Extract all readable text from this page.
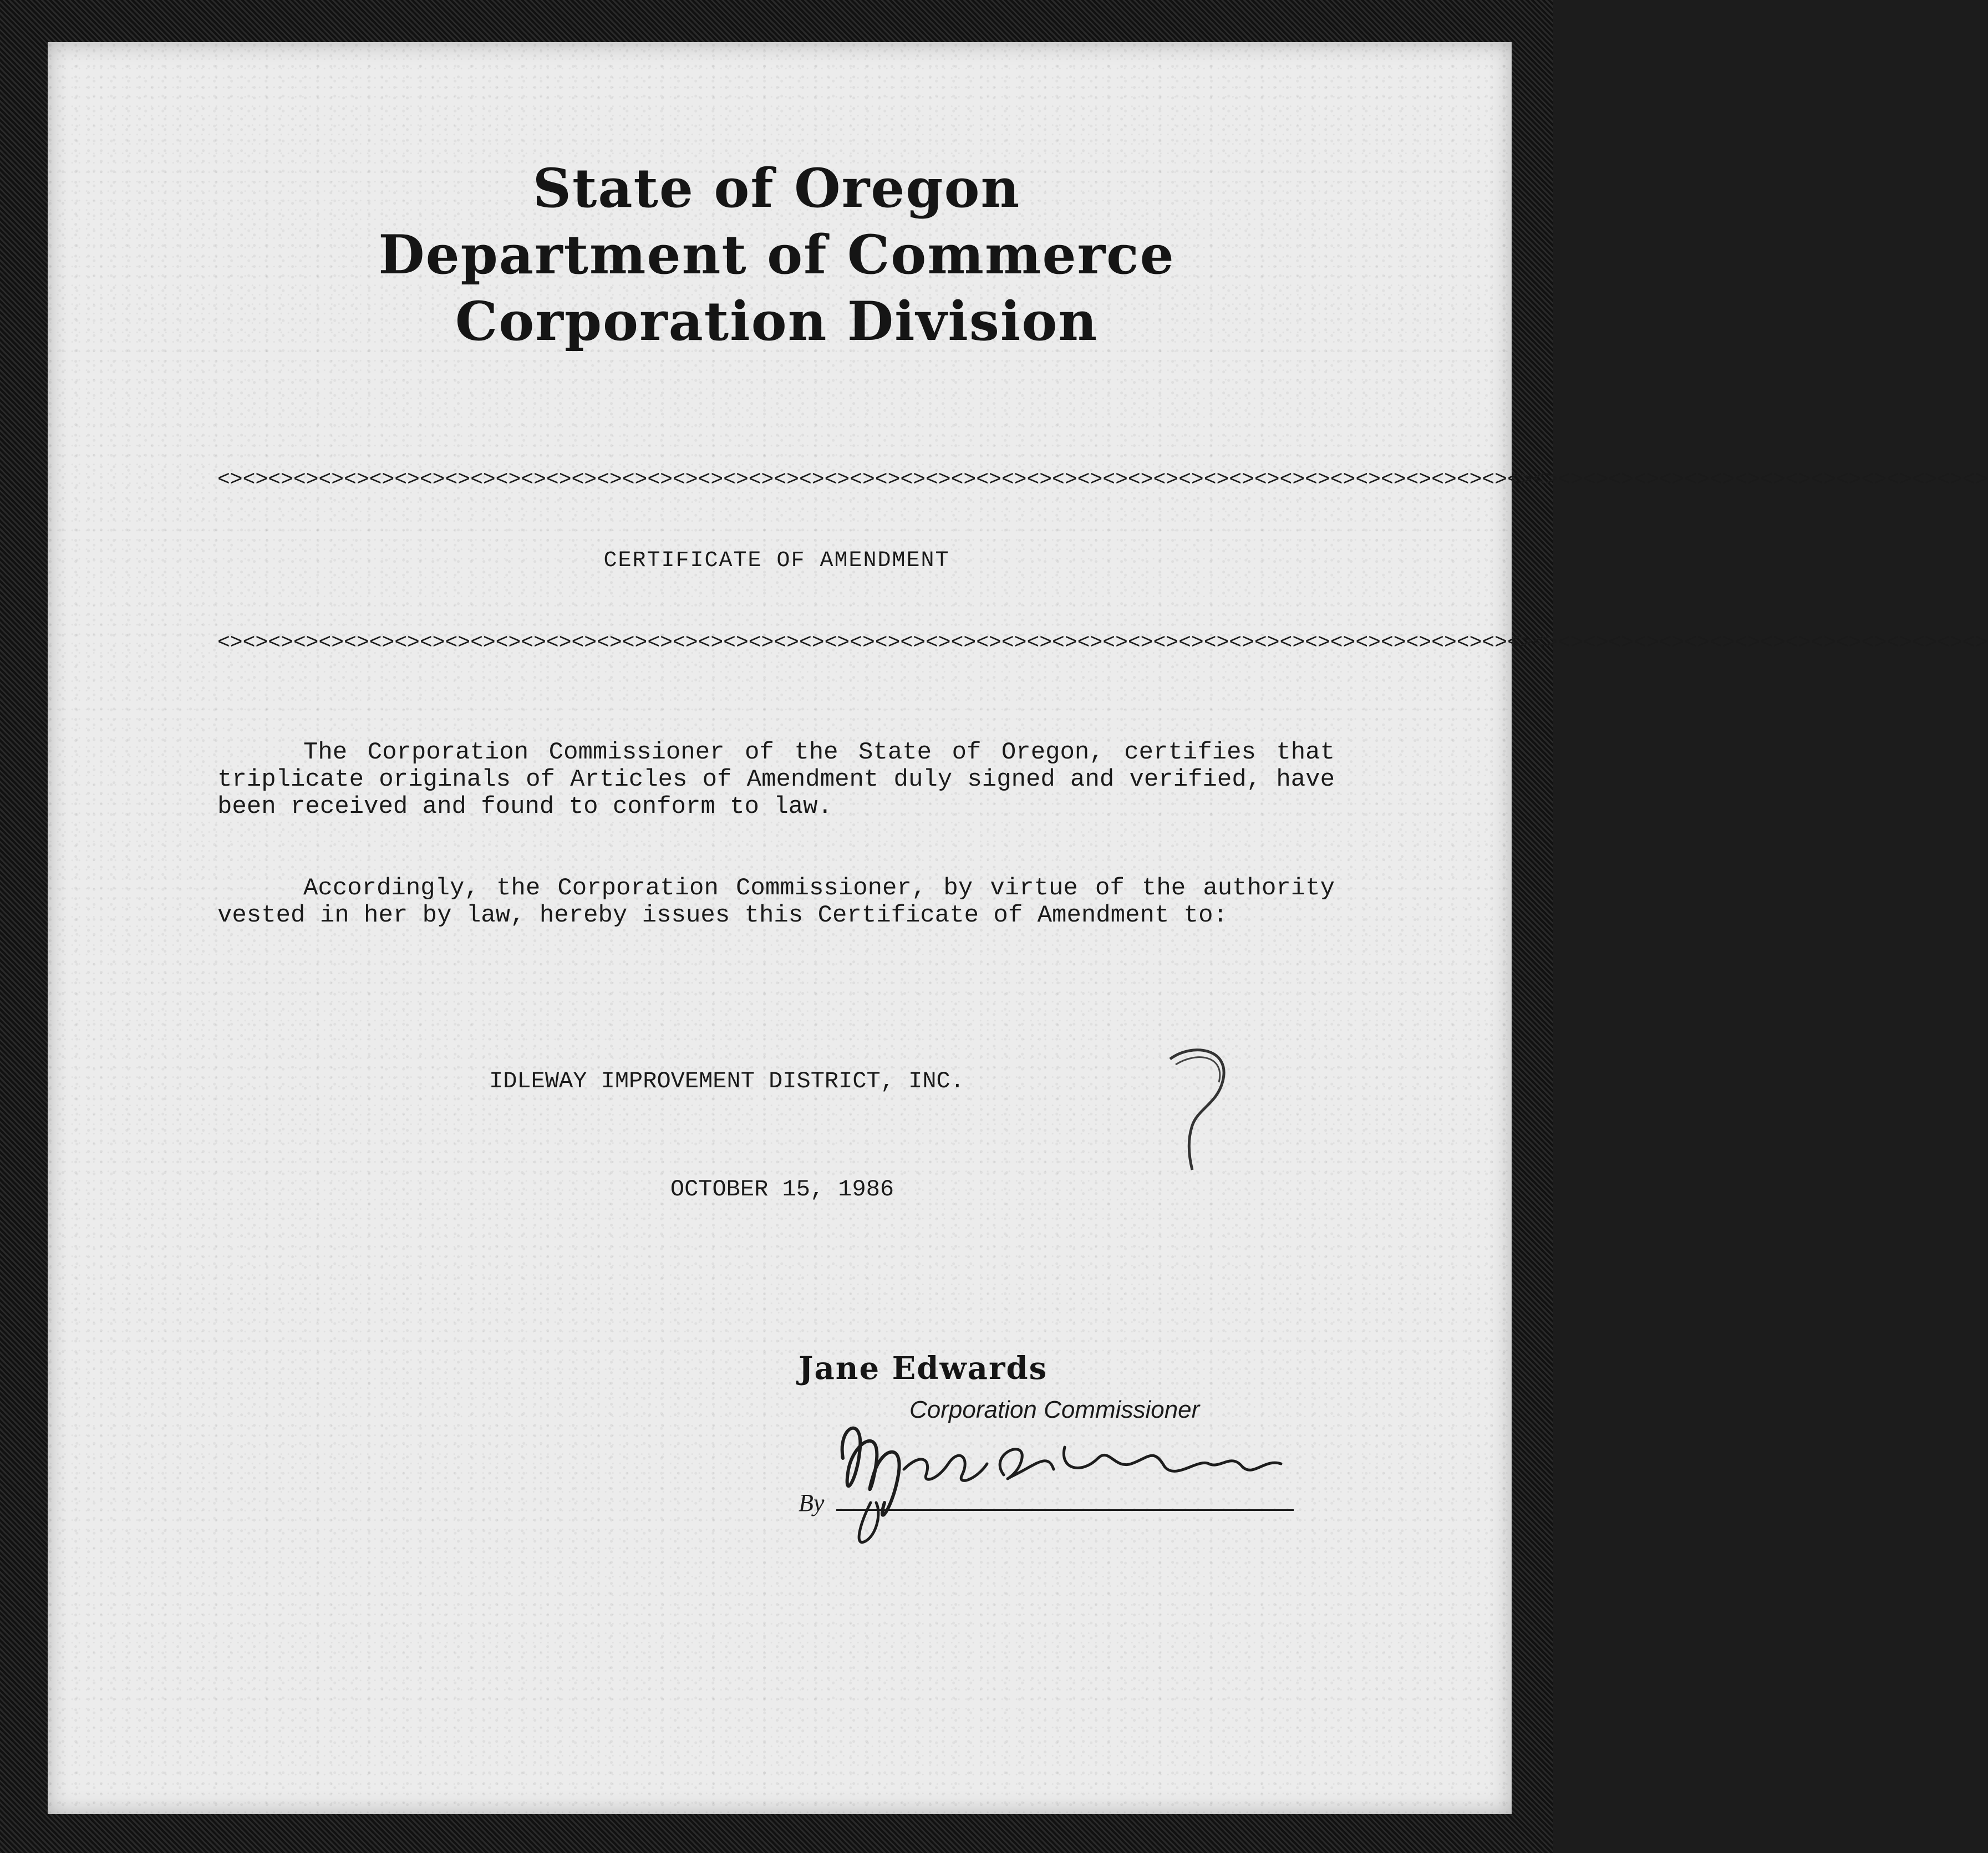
State of Oregon
Department of Commerce
Corporation Division
<><><><><><><><><><><><><><><><><><><><><><><><><><><><><><><><><><><><><><><><><><><><><><><><><><><><><><><><><><><><><><><><><><><><><><>
CERTIFICATE OF AMENDMENT
<><><><><><><><><><><><><><><><><><><><><><><><><><><><><><><><><><><><><><><><><><><><><><><><><><><><><><><><><><><><><><><><><><><><><><>
The Corporation Commissioner of the State of Oregon, certifies that triplicate originals of Articles of Amendment duly signed and verified, have been received and found to conform to law.
Accordingly, the Corporation Commissioner, by virtue of the authority vested in her by law, hereby issues this Certificate of Amendment to:
IDLEWAY IMPROVEMENT DISTRICT, INC.
OCTOBER 15, 1986
Jane Edwards
Corporation Commissioner
By
